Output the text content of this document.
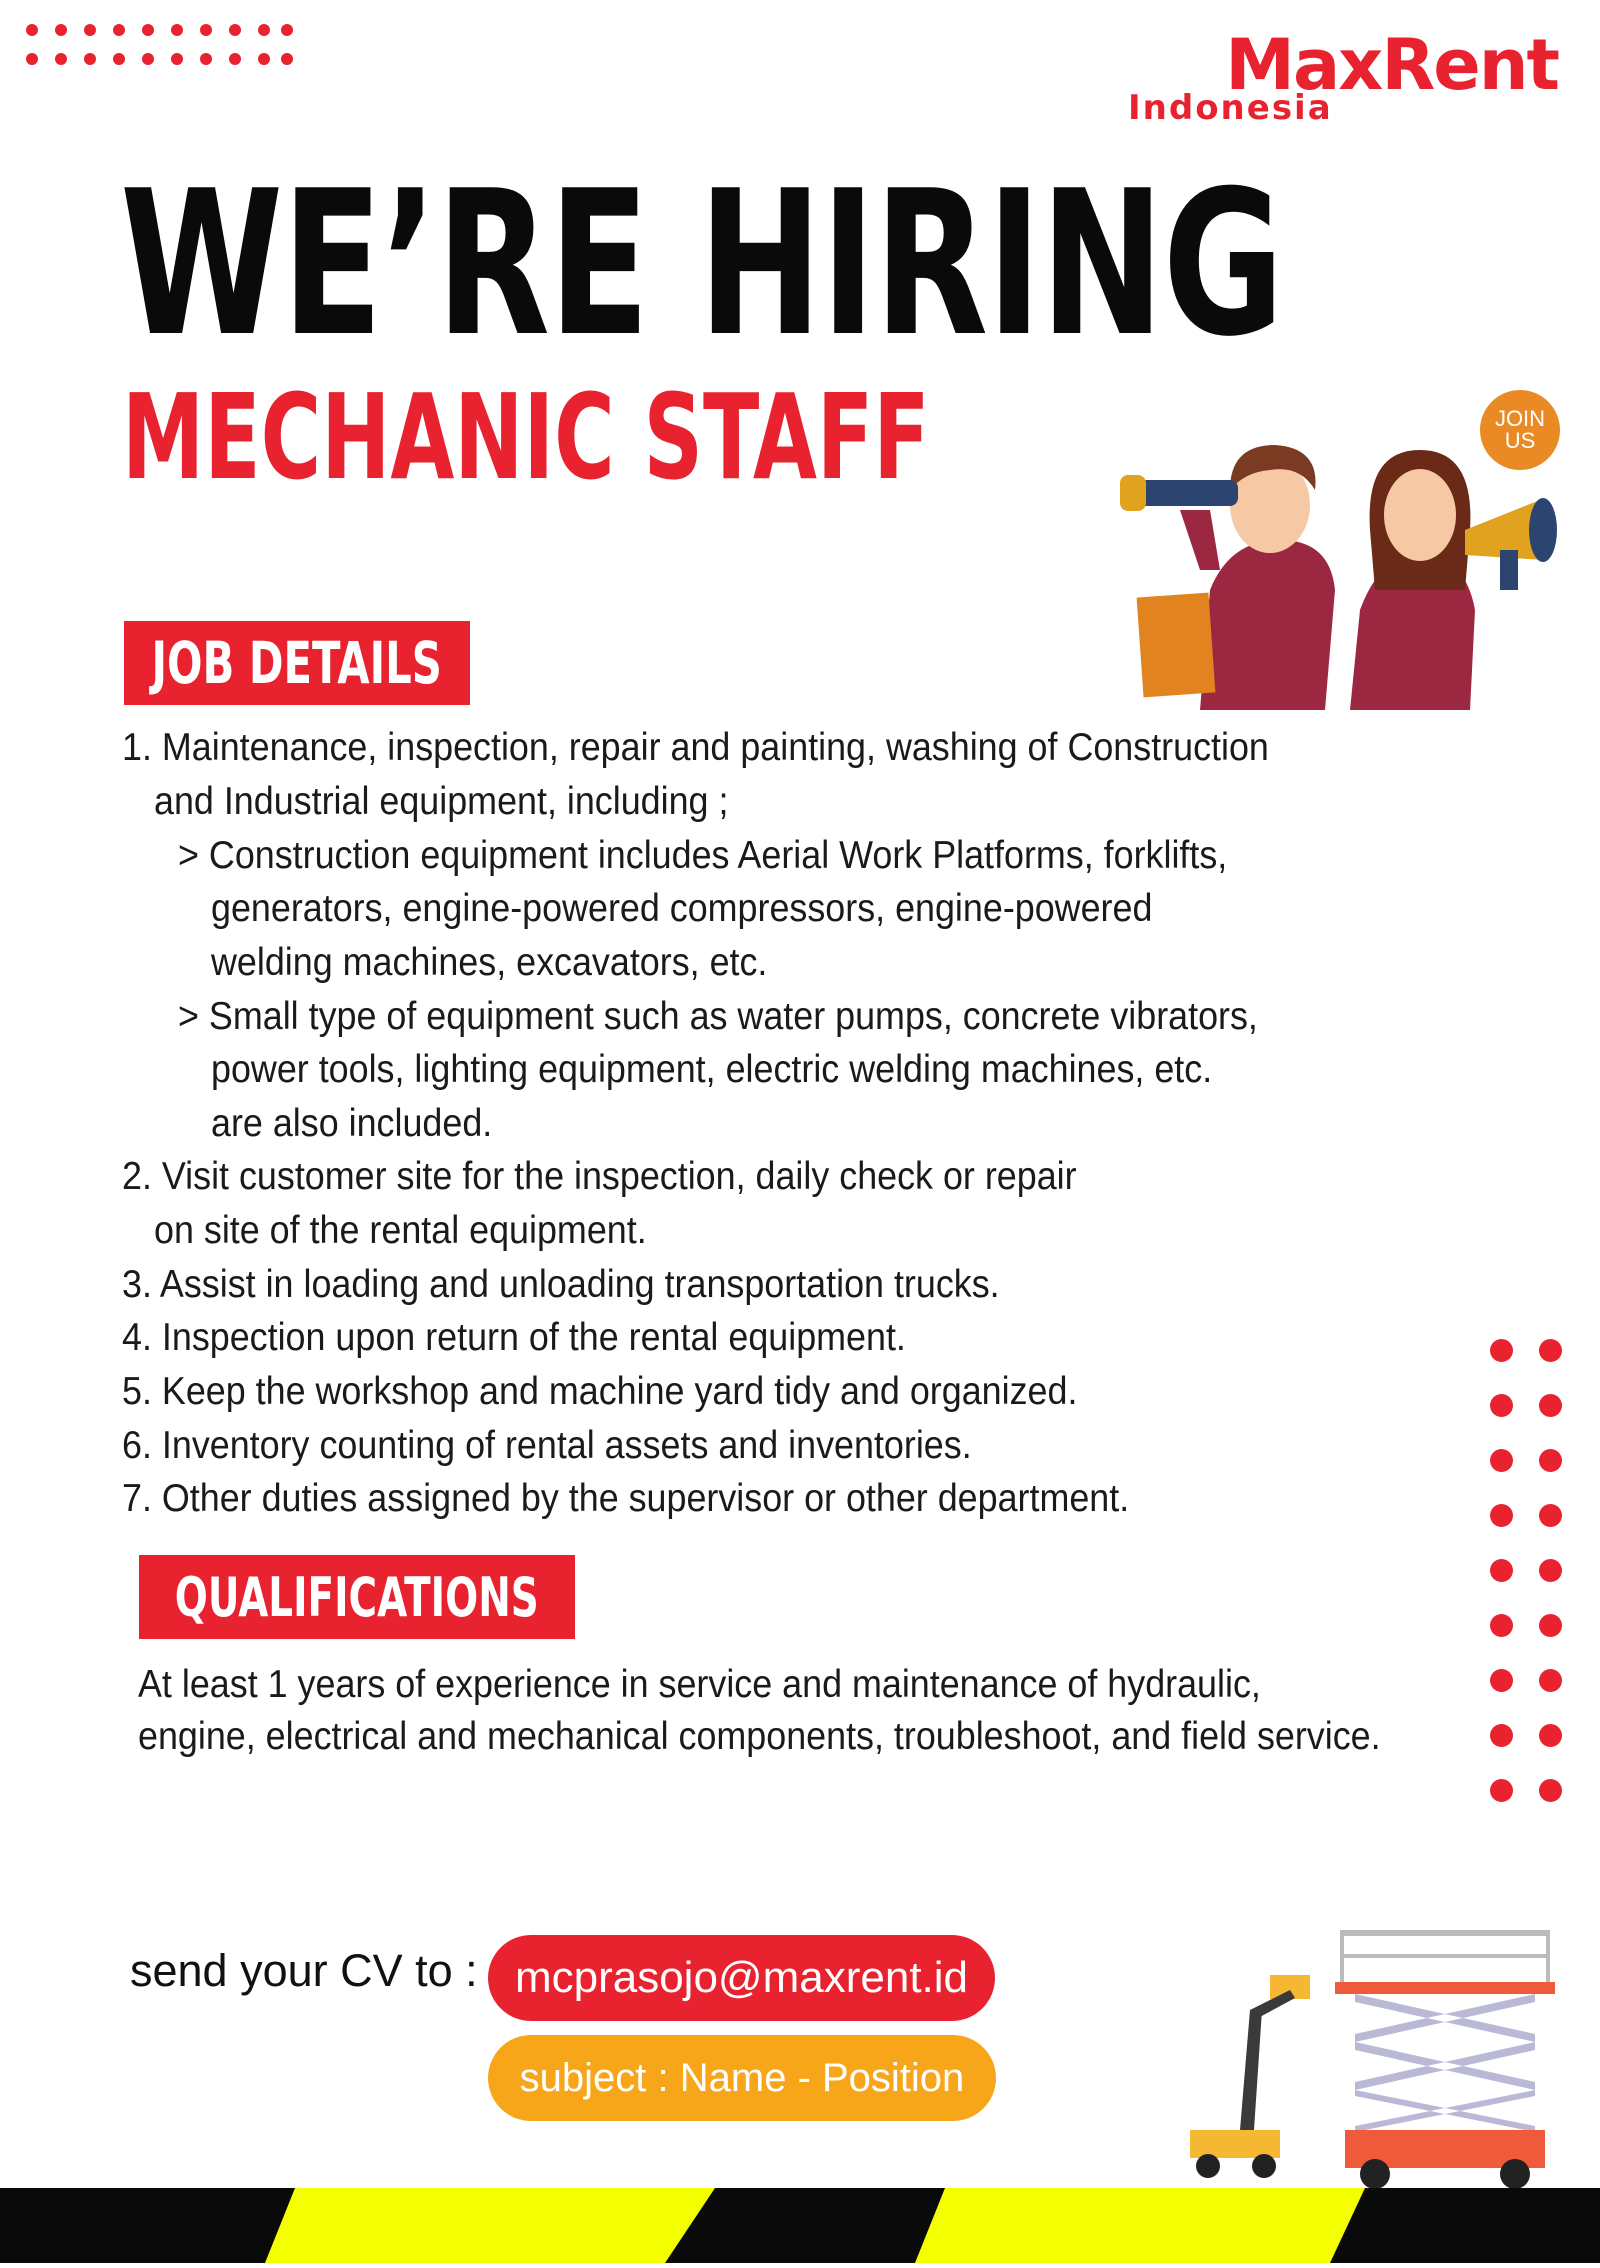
MaxRent
Indonesia
WE’RE HIRING
MECHANIC STAFF	JOIN
US
JOB DETAILS
1. Maintenance, inspection, repair and painting, washing of Construction
and Industrial equipment, including ;
> Construction equipment includes Aerial Work Platforms, forklifts,
generators, engine-powered compressors, engine-powered
welding machines, excavators, etc.
> Small type of equipment such as water pumps, concrete vibrators,
power tools, lighting equipment, electric welding machines, etc.
are also included.
2. Visit customer site for the inspection, daily check or repair
on site of the rental equipment.
3. Assist in loading and unloading transportation trucks.
4. Inspection upon return of the rental equipment.
5. Keep the workshop and machine yard tidy and organized.
6. Inventory counting of rental assets and inventories.
7. Other duties assigned by the supervisor or other department.
QUALIFICATIONS
At least 1 years of experience in service and maintenance of hydraulic,
engine, electrical and mechanical components, troubleshoot, and field service.
send your CV to : mcprasojo@maxrent.id
subject : Name - Position
